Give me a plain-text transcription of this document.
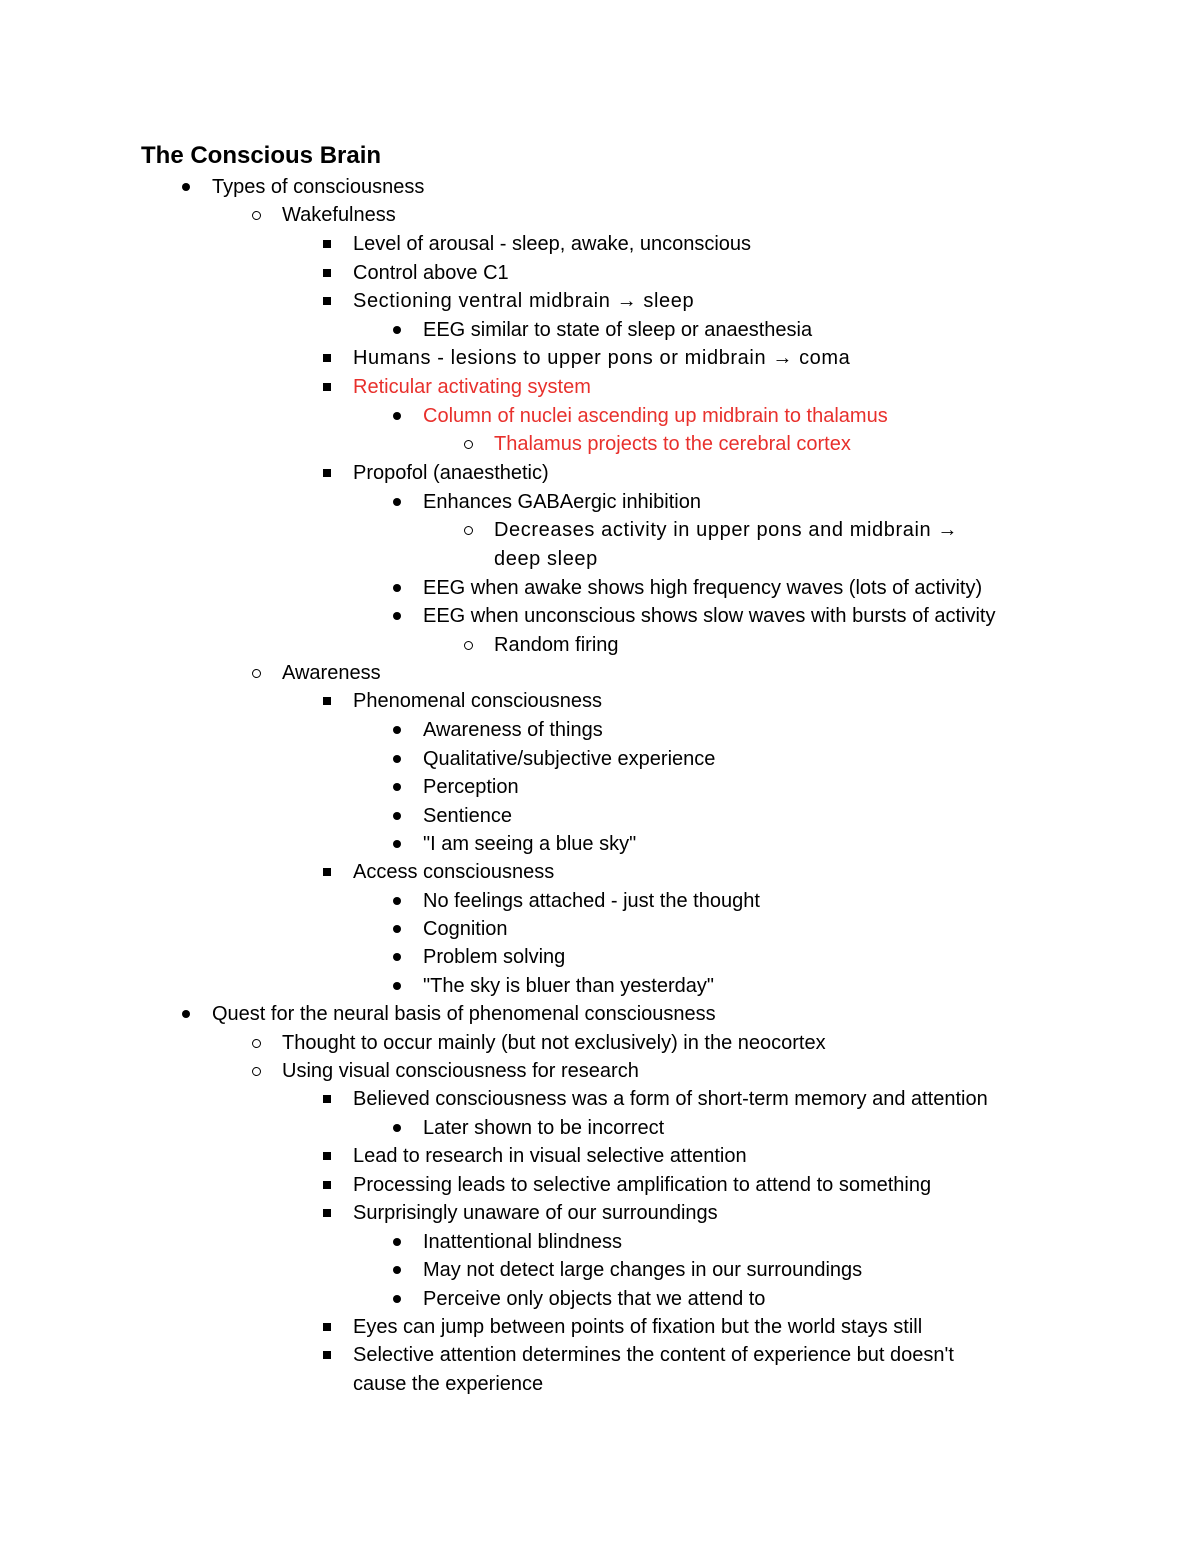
The Conscious Brain
Types of consciousness
Wakefulness
Level of arousal - sleep, awake, unconscious
Control above C1
Sectioning ventral midbrain → sleep
EEG similar to state of sleep or anaesthesia
Humans - lesions to upper pons or midbrain → coma
Reticular activating system
Column of nuclei ascending up midbrain to thalamus
Thalamus projects to the cerebral cortex
Propofol (anaesthetic)
Enhances GABAergic inhibition
Decreases activity in upper pons and midbrain →
deep sleep
EEG when awake shows high frequency waves (lots of activity)
EEG when unconscious shows slow waves with bursts of activity
Random firing
Awareness
Phenomenal consciousness
Awareness of things
Qualitative/subjective experience
Perception
Sentience
"I am seeing a blue sky"
Access consciousness
No feelings attached - just the thought
Cognition
Problem solving
"The sky is bluer than yesterday"
Quest for the neural basis of phenomenal consciousness
Thought to occur mainly (but not exclusively) in the neocortex
Using visual consciousness for research
Believed consciousness was a form of short-term memory and attention
Later shown to be incorrect
Lead to research in visual selective attention
Processing leads to selective amplification to attend to something
Surprisingly unaware of our surroundings
Inattentional blindness
May not detect large changes in our surroundings
Perceive only objects that we attend to
Eyes can jump between points of fixation but the world stays still
Selective attention determines the content of experience but doesn't
cause the experience
